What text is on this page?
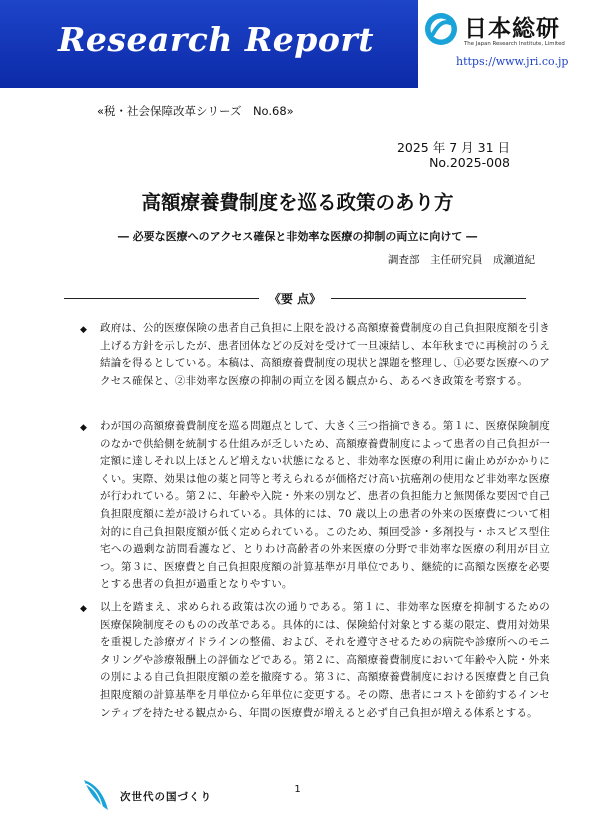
Research Report	日本総研
The Japan Research Institute, Limited
https://www.jri.co.jp
«税・社会保障改革シリーズ　No.68»
2025 年 7 月 31 日
No.2025-008
高額療養費制度を巡る政策のあり方
― 必要な医療へのアクセス確保と非効率な医療の抑制の両立に向けて ―
調査部　主任研究員　成瀬道紀
《要 点》
◆ 政府は、公的医療保険の患者自己負担に上限を設ける高額療養費制度の自己負担限度額を引き上げる方針を示したが、患者団体などの反対を受けて一旦凍結し、本年秋までに再検討のうえ結論を得るとしている。本稿は、高額療養費制度の現状と課題を整理し、①必要な医療へのアクセス確保と、②非効率な医療の抑制の両立を図る観点から、あるべき政策を考察する。
◆ わが国の高額療養費制度を巡る問題点として、大きく三つ指摘できる。第１に、医療保険制度のなかで供給側を統制する仕組みが乏しいため、高額療養費制度によって患者の自己負担が一定額に達しそれ以上ほとんど増えない状態になると、非効率な医療の利用に歯止めがかかりにくい。実際、効果は他の薬と同等と考えられるが価格だけ高い抗癌剤の使用など非効率な医療が行われている。第２に、年齢や入院・外来の別など、患者の負担能力と無関係な要因で自己負担限度額に差が設けられている。具体的には、70 歳以上の患者の外来の医療費について相対的に自己負担限度額が低く定められている。このため、頻回受診・多剤投与・ホスピス型住宅への過剰な訪問看護など、とりわけ高齢者の外来医療の分野で非効率な医療の利用が目立つ。第３に、医療費と自己負担限度額の計算基準が月単位であり、継続的に高額な医療を必要とする患者の負担が過重となりやすい。
◆ 以上を踏まえ、求められる政策は次の通りである。第１に、非効率な医療を抑制するための医療保険制度そのものの改革である。具体的には、保険給付対象とする薬の限定、費用対効果を重視した診療ガイドラインの整備、および、それを遵守させるための病院や診療所へのモニタリングや診療報酬上の評価などである。第２に、高額療養費制度において年齢や入院・外来の別による自己負担限度額の差を撤廃する。第３に、高額療養費制度における医療費と自己負担限度額の計算基準を月単位から年単位に変更する。その際、患者にコストを節約するインセンティブを持たせる観点から、年間の医療費が増えると必ず自己負担が増える体系とする。
次世代の国づくり
1
